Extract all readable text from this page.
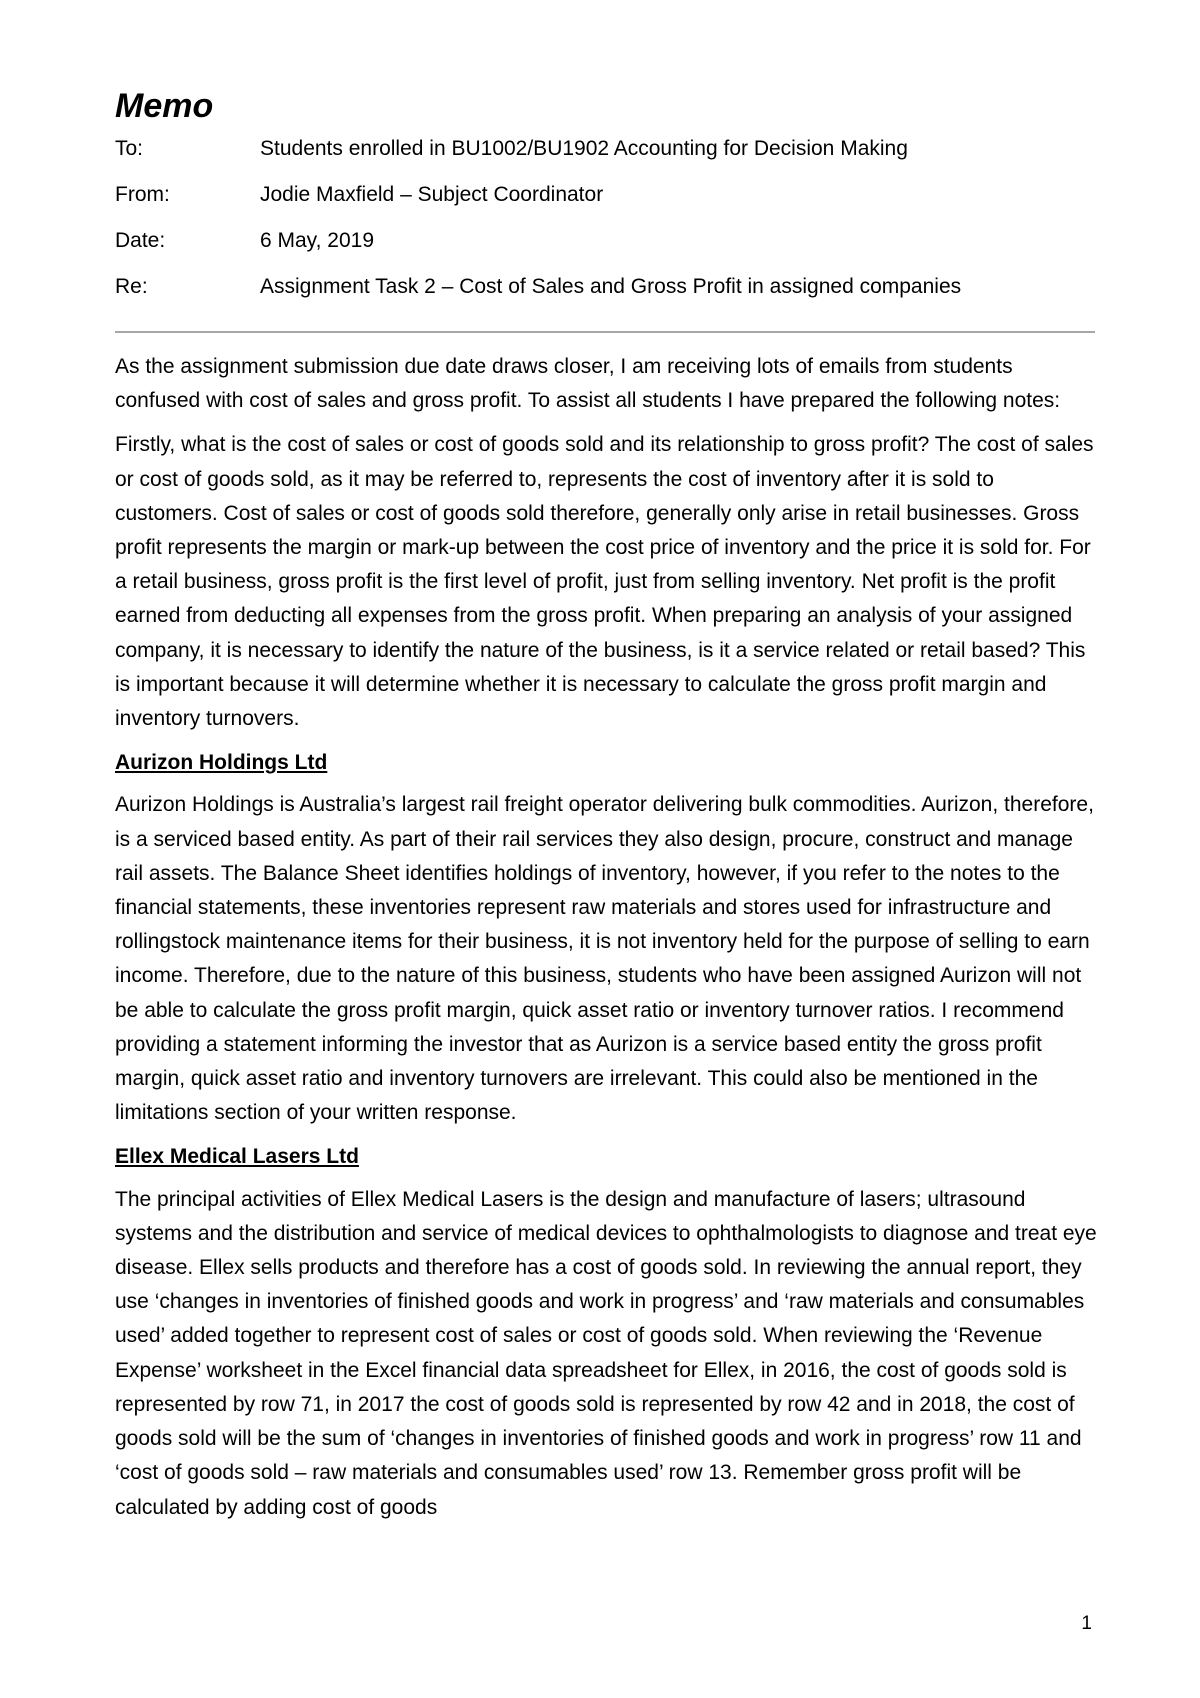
Memo
To:	Students enrolled in BU1002/BU1902 Accounting for Decision Making
From:	Jodie Maxfield – Subject Coordinator
Date:	6 May, 2019
Re:	Assignment Task 2 – Cost of Sales and Gross Profit in assigned companies

As the assignment submission due date draws closer, I am receiving lots of emails from students confused with cost of sales and gross profit. To assist all students I have prepared the following notes:

Firstly, what is the cost of sales or cost of goods sold and its relationship to gross profit? The cost of sales or cost of goods sold, as it may be referred to, represents the cost of inventory after it is sold to customers. Cost of sales or cost of goods sold therefore, generally only arise in retail businesses. Gross profit represents the margin or mark-up between the cost price of inventory and the price it is sold for. For a retail business, gross profit is the first level of profit, just from selling inventory. Net profit is the profit earned from deducting all expenses from the gross profit. When preparing an analysis of your assigned company, it is necessary to identify the nature of the business, is it a service related or retail based? This is important because it will determine whether it is necessary to calculate the gross profit margin and inventory turnovers.

Aurizon Holdings Ltd

Aurizon Holdings is Australia’s largest rail freight operator delivering bulk commodities. Aurizon, therefore, is a serviced based entity. As part of their rail services they also design, procure, construct and manage rail assets. The Balance Sheet identifies holdings of inventory, however, if you refer to the notes to the financial statements, these inventories represent raw materials and stores used for infrastructure and rollingstock maintenance items for their business, it is not inventory held for the purpose of selling to earn income. Therefore, due to the nature of this business, students who have been assigned Aurizon will not be able to calculate the gross profit margin, quick asset ratio or inventory turnover ratios. I recommend providing a statement informing the investor that as Aurizon is a service based entity the gross profit margin, quick asset ratio and inventory turnovers are irrelevant. This could also be mentioned in the limitations section of your written response.

Ellex Medical Lasers Ltd

The principal activities of Ellex Medical Lasers is the design and manufacture of lasers; ultrasound systems and the distribution and service of medical devices to ophthalmologists to diagnose and treat eye disease. Ellex sells products and therefore has a cost of goods sold. In reviewing the annual report, they use ‘changes in inventories of finished goods and work in progress’ and ‘raw materials and consumables used’ added together to represent cost of sales or cost of goods sold. When reviewing the ‘Revenue Expense’ worksheet in the Excel financial data spreadsheet for Ellex, in 2016, the cost of goods sold is represented by row 71, in 2017 the cost of goods sold is represented by row 42 and in 2018, the cost of goods sold will be the sum of ‘changes in inventories of finished goods and work in progress’ row 11 and ‘cost of goods sold – raw materials and consumables used’ row 13. Remember gross profit will be calculated by adding cost of goods

1
